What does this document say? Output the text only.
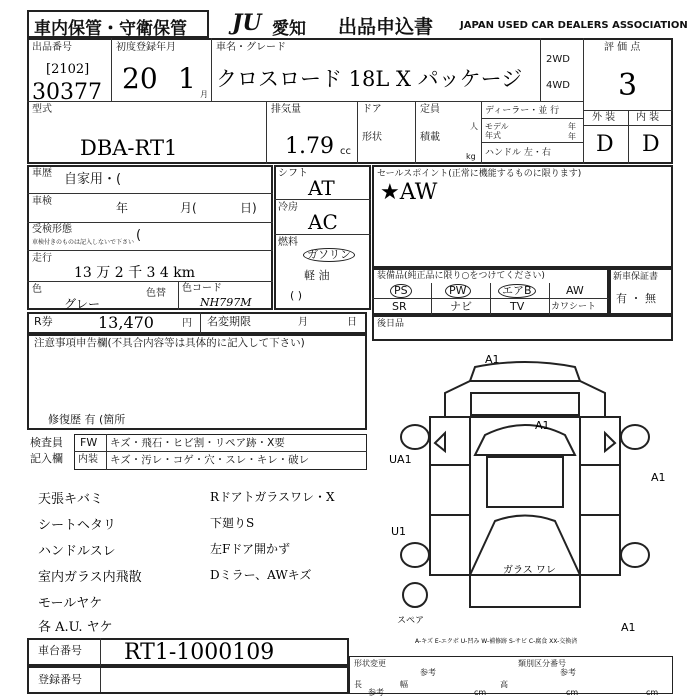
車内保管・守衛保管 JU 愛知 出品申込書	JAPAN USED CAR DEALERS ASSOCIATION
出品番号
[2102]
30377
初度登録年月
20 1 月
車名・グレード
クロスロード 18L X パッケージ
2WD
4WD
評 価 点
3
外 装 内 装
D D
型式
DBA-RT1
排気量
1.79 cc
ドア
形状
定員
人
積載
kg
ディーラー・並 行
モデル 年式
年
年
ハンドル 左・右
車歴 自家用・(
車検	年	月(	日)
受検形態
車検付きのものは記入しないで下さい (
走行
13 万 2 千 3 4 km
色
グレー
色替 色コード
NH797M
シフト
AT
冷房
AC
燃料
ガソリン
軽 油
( )
セールスポイント(正常に機能するものに限ります)
★AW
装備品(純正品に限り○をつけてください)
PS	PW	エアB	AW
SR	ナビ	TV	カワシート
新車保証書
有 ・ 無
R券	13,470	円 名変期限	月	日 後日品
注意事項申告欄(不具合内容等は具体的に記入して下さい)
修復歴 有 (箇所
検査員
記入欄
FW キズ・飛石・ヒビ割・リペア跡・X要
内装 キズ・汚レ・コゲ・穴・スレ・キレ・破レ
天張キバミ
シートヘタリ
ハンドルスレ
室内ガラス内飛散
モールヤケ
各 A.U. ヤケ
Rドアトガラスワレ・X
下廻りS
左Fドア開かず
Dミラー、AWキズ
A1
A1
UA1
U1
A1
ガラス ワレ
スペア	A1
A-キズ E-エクボ U-凹み W-補修跡 S-サビ C-腐食 XX-交換済
車台番号 RT1-1000109
登録番号
形状変更
参考
類別区分番号
参考
長
参考
幅
cm
高
cm	cm
